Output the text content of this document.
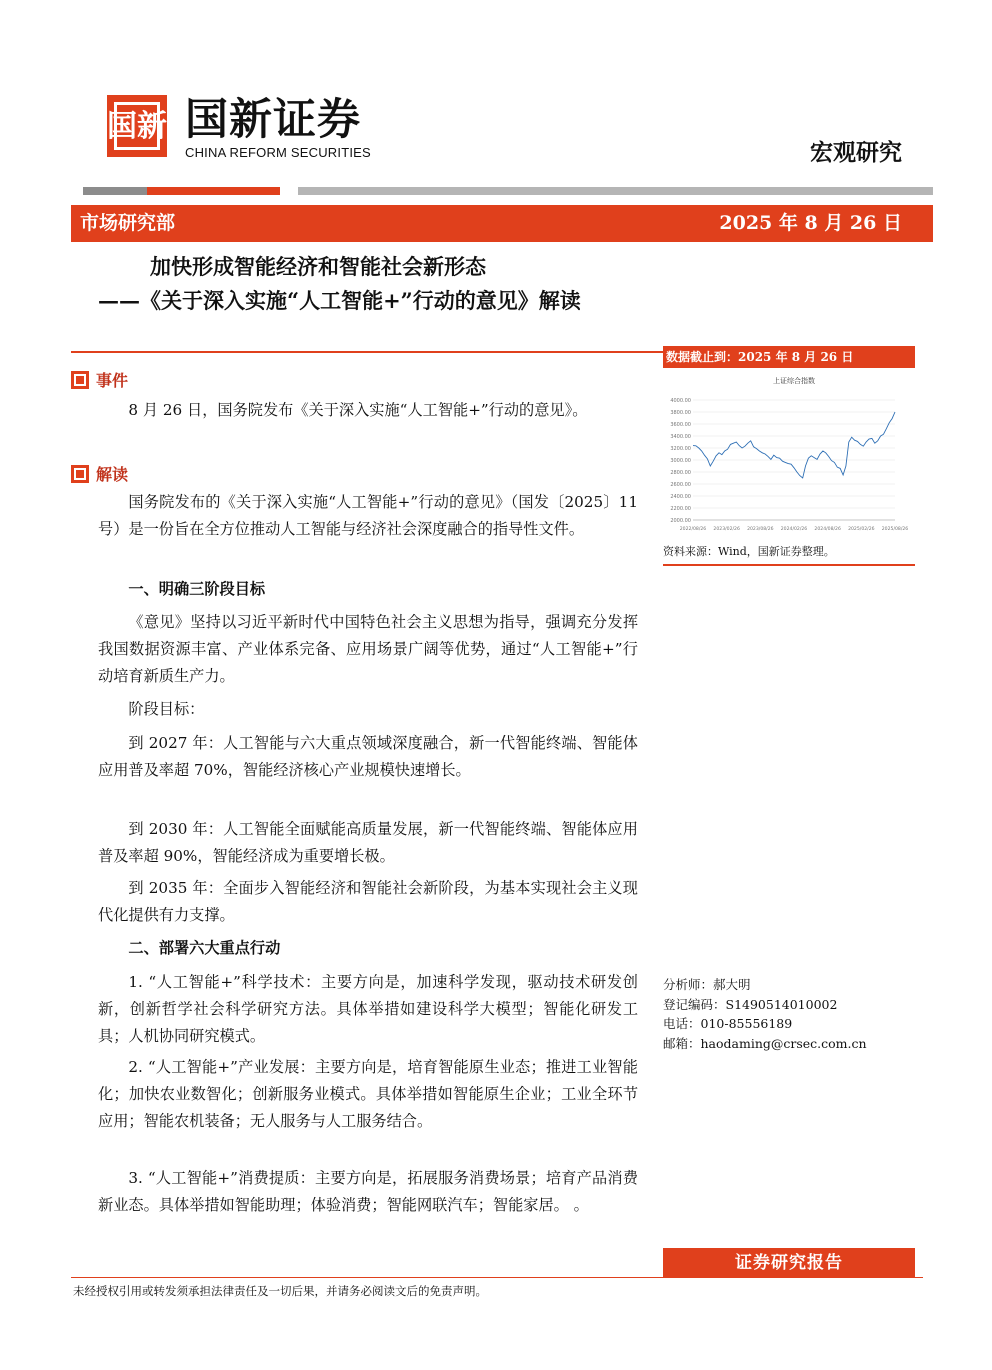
国新 国新证券
CHINA REFORM SECURITIES	宏观研究
市场研究部	2025 年 8 月 26 日
加快形成智能经济和智能社会新形态
——《关于深入实施“人工智能+”行动的意见》解读
数据截止到：2025 年 8 月 26 日
上证综合指数
4000.00
3800.00
3600.00
3400.00
3200.00
3000.00
2800.00
2600.00
2400.00
2200.00
2000.00
2022/08/26 2023/02/26 2023/08/26 2024/02/26 2024/08/26 2025/02/26 2025/08/26
资料来源：Wind，国新证券整理。
分析师：郝大明
登记编码：S1490514010002
电话：010-85556189
邮箱：haodaming@crsec.com.cn
证券研究报告
未经授权引用或转发须承担法律责任及一切后果，并请务必阅读文后的免责声明。
事件
8 月 26 日，国务院发布《关于深入实施“人工智能+”行动的意见》。
解读
国务院发布的《关于深入实施“人工智能+”行动的意见》（国发〔2025〕11 号）是一份旨在全方位推动人工智能与经济社会深度融合的指导性文件。
一、明确三阶段目标
《意见》坚持以习近平新时代中国特色社会主义思想为指导，强调充分发挥我国数据资源丰富、产业体系完备、应用场景广阔等优势，通过“人工智能+”行动培育新质生产力。
阶段目标：
到 2027 年：人工智能与六大重点领域深度融合，新一代智能终端、智能体应用普及率超 70%，智能经济核心产业规模快速增长。
到 2030 年：人工智能全面赋能高质量发展，新一代智能终端、智能体应用普及率超 90%，智能经济成为重要增长极。
到 2035 年：全面步入智能经济和智能社会新阶段，为基本实现社会主义现代化提供有力支撑。
二、部署六大重点行动
1. “人工智能+”科学技术：主要方向是，加速科学发现，驱动技术研发创新，创新哲学社会科学研究方法。具体举措如建设科学大模型；智能化研发工具；人机协同研究模式。
2. “人工智能+”产业发展：主要方向是，培育智能原生业态；推进工业智能化；加快农业数智化；创新服务业模式。具体举措如智能原生企业；工业全环节应用；智能农机装备；无人服务与人工服务结合。
3. “人工智能+”消费提质：主要方向是，拓展服务消费场景；培育产品消费新业态。具体举措如智能助理；体验消费；智能网联汽车；智能家居。 。
